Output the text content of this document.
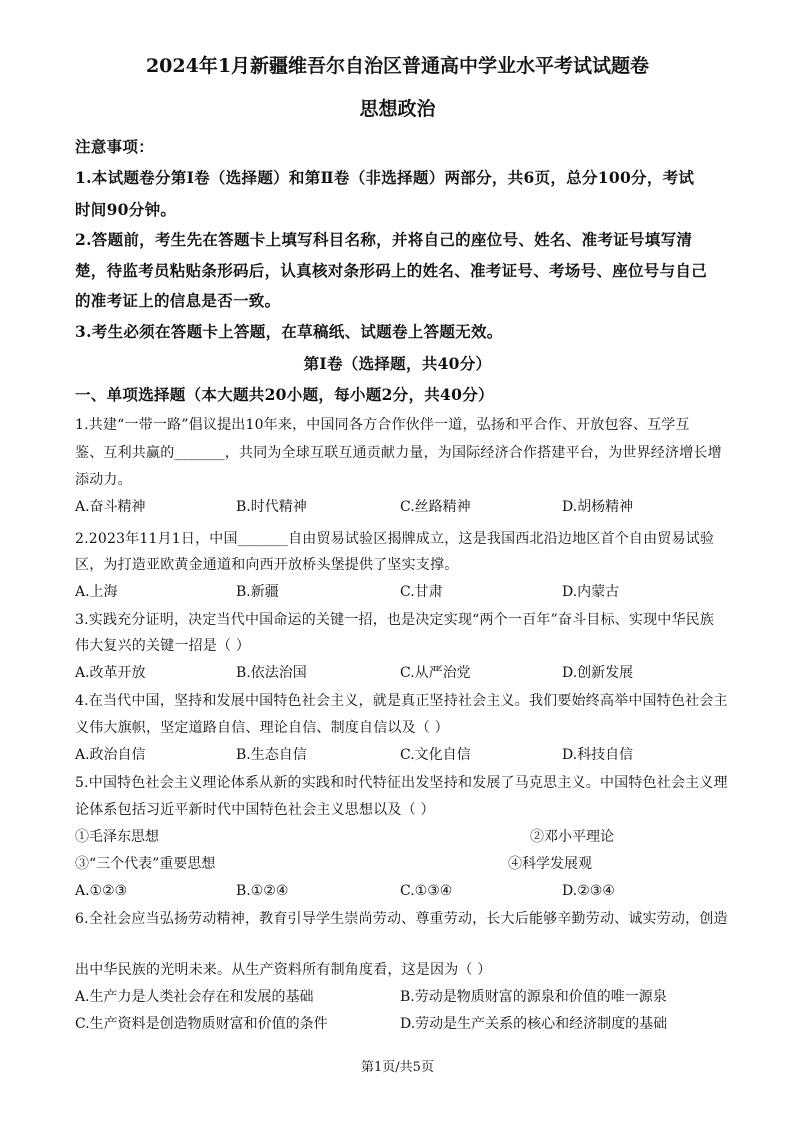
2024年1月新疆维吾尔自治区普通高中学业水平考试试题卷
思想政治
注意事项：
1.本试题卷分第Ⅰ卷（选择题）和第Ⅱ卷（非选择题）两部分，共6页，总分100分，考试
时间90分钟。
2.答题前，考生先在答题卡上填写科目名称，并将自己的座位号、姓名、准考证号填写清
楚，待监考员粘贴条形码后，认真核对条形码上的姓名、准考证号、考场号、座位号与自己
的准考证上的信息是否一致。
3.考生必须在答题卡上答题，在草稿纸、试题卷上答题无效。
第Ⅰ卷（选择题，共40分）
一、单项选择题（本大题共20小题，每小题2分，共40分）
1.共建“一带一路”倡议提出10年来，中国同各方合作伙伴一道，弘扬和平合作、开放包容、互学互
鉴、互利共赢的_______，共同为全球互联互通贡献力量，为国际经济合作搭建平台，为世界经济增长增
添动力。
A.奋斗精神	B.时代精神	C.丝路精神	D.胡杨精神
2.2023年11月1日，中国_______自由贸易试验区揭牌成立，这是我国西北沿边地区首个自由贸易试验
区，为打造亚欧黄金通道和向西开放桥头堡提供了坚实支撑。
A.上海	B.新疆	C.甘肃	D.内蒙古
3.实践充分证明，决定当代中国命运的关键一招，也是决定实现“两个一百年”奋斗目标、实现中华民族
伟大复兴的关键一招是（ ）
A.改革开放	B.依法治国	C.从严治党	D.创新发展
4.在当代中国，坚持和发展中国特色社会主义，就是真正坚持社会主义。我们要始终高举中国特色社会主
义伟大旗帜，坚定道路自信、理论自信、制度自信以及（ ）
A.政治自信	B.生态自信	C.文化自信	D.科技自信
5.中国特色社会主义理论体系从新的实践和时代特征出发坚持和发展了马克思主义。中国特色社会主义理
论体系包括习近平新时代中国特色社会主义思想以及（ ）
①毛泽东思想	②邓小平理论
③“三个代表”重要思想	④科学发展观
A.①②③	B.①②④	C.①③④	D.②③④
6.全社会应当弘扬劳动精神，教育引导学生崇尚劳动、尊重劳动，长大后能够辛勤劳动、诚实劳动，创造
出中华民族的光明未来。从生产资料所有制角度看，这是因为（ ）
A.生产力是人类社会存在和发展的基础	B.劳动是物质财富的源泉和价值的唯一源泉
C.生产资料是创造物质财富和价值的条件	D.劳动是生产关系的核心和经济制度的基础
第1页/共5页
